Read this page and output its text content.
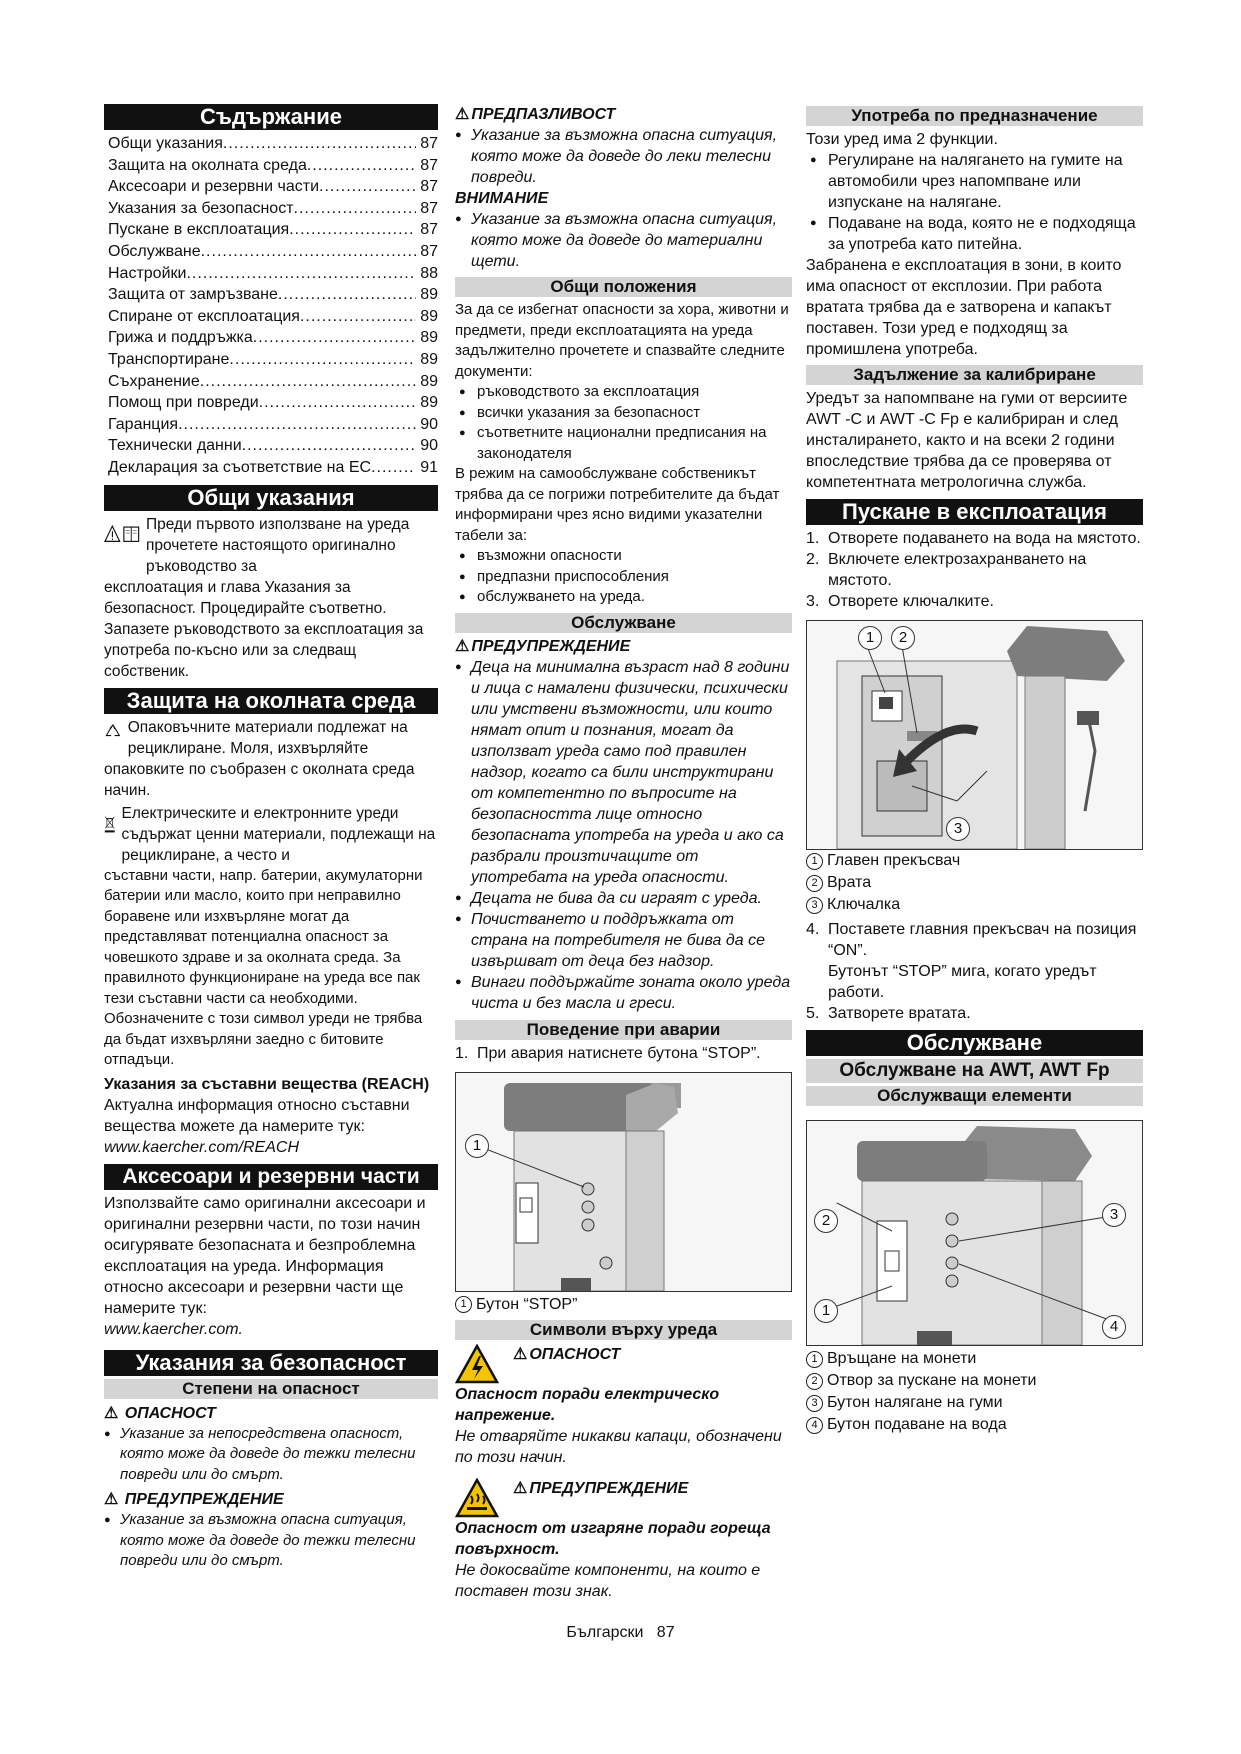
Съдържание
Общи указания .....	87
Защита на околната среда .....	87
Аксесоари и резервни части .....	87
Указания за безопасност .....	87
Пускане в експлоатация .....	87
Обслужване .....	87
Настройки .....	88
Защита от замръзване .....	89
Спиране от експлоатация .....	89
Грижа и поддръжка .....	89
Транспортиране .....	89
Съхранение .....	89
Помощ при повреди .....	89
Гаранция .....	90
Технически данни .....	90
Декларация за съответствие на ЕС .....	91
Общи указания

Преди първото използване на уреда прочетете настоящото оригинално ръководство за

експлоатация и глава Указания за безопасност. Процедирайте съответно. Запазете ръководството за експлоатация за употреба по-късно или за следващ собственик.

Защита на околната среда

Опаковъчните материали подлежат на рециклиране. Моля, изхвърляйте

опаковките по съобразен с околната среда начин.

Електрическите и електронните уреди съдържат ценни материали, подлежащи на рециклиране, а често и

съставни части, напр. батерии, акумулаторни батерии или масло, които при неправилно боравене или изхвърляне могат да представляват потенциална опасност за човешкото здраве и за околната среда. За правилното функциониране на уреда все пак тези съставни части са необходими. Обозначените с този символ уреди не трябва да бъдат изхвърляни заедно с битовите отпадъци.

Указания за съставни вещества (REACH)

Актуална информация относно съставни вещества можете да намерите тук:

www.kaercher.com/REACH

Аксесоари и резервни части

Използвайте само оригинални аксесоари и оригинални резервни части, по този начин осигурявате безопасната и безпроблемна експлоатация на уреда. Информация относно аксесоари и резервни части ще намерите тук:

www.kaercher.com.

Указания за безопасност
Степени на опасност
⚠ ОПАСНОСТ
● Указание за непосредствена опасност, която може да доведе до тежки телесни повреди или до смърт.
⚠ ПРЕДУПРЕЖДЕНИЕ
● Указание за възможна опасна ситуация, която може да доведе до тежки телесни повреди или до смърт.
⚠ ПРЕДПАЗЛИВОСТ
● Указание за възможна опасна ситуация, която може да доведе до леки телесни повреди.
ВНИМАНИЕ
● Указание за възможна опасна ситуация, която може да доведе до материални щети.
Общи положения

За да се избегнат опасности за хора, животни и предмети, преди експлоатацията на уреда задължително прочетете и спазвайте следните документи:

● ръководството за експлоатация
● всички указания за безопасност
● съответните национални предписания на законодателя

В режим на самообслужване собственикът трябва да се погрижи потребителите да бъдат информирани чрез ясно видими указателни табели за:

● възможни опасности
● предпазни приспособления
● обслужването на уреда.
Обслужване
⚠ ПРЕДУПРЕЖДЕНИЕ
● Деца на минимална възраст над 8 години и лица с намалени физически, психически или умствени възможности, или които нямат опит и познания, могат да използват уреда само под правилен надзор, когато са били инструктирани от компетентно по въпросите на безопасността лице относно безопасната употреба на уреда и ако са разбрали произтичащите от употребата на уреда опасности.
● Децата не бива да си играят с уреда.
● Почистването и поддръжката от страна на потребителя не бива да се извършват от деца без надзор.
● Винаги поддържайте зоната около уреда чиста и без масла и греси.
Поведение при аварии
1. При авария натиснете бутона “STOP”.
1
1 Бутон “STOP”
Символи върху уреда
⚠ ОПАСНОСТ

Опасност поради електрическо напрежение.

Не отваряйте никакви капаци, обозначени по този начин.

⚠ ПРЕДУПРЕЖДЕНИЕ

Опасност от изгаряне поради гореща повърхност.

Не докосвайте компоненти, на които е поставен този знак.

Употреба по предназначение

Този уред има 2 функции.

● Регулиране на налягането на гумите на автомобили чрез напомпване или изпускане на налягане.
● Подаване на вода, която не е подходяща за употреба като питейна.

Забранена е експлоатация в зони, в които има опасност от експлозии. При работа вратата трябва да е затворена и капакът поставен. Този уред е подходящ за промишлена употреба.

Задължение за калибриране

Уредът за напомпване на гуми от версиите AWT -C и AWT -C Fp е калибриран и след инсталирането, както и на всеки 2 години впоследствие трябва да се проверява от компетентната метрологична служба.

Пускане в експлоатация
1. Отворете подаването на вода на мястото.
2. Включете електрозахранването на мястото.
3. Отворете ключалките.
1	2
3
1 Главен прекъсвач
2 Врата
3 Ключалка
4. Поставете главния прекъсвач на позиция “ON”.
Бутонът “STOP” мига, когато уредът работи.
5. Затворете вратата.
Обслужване
Обслужване на AWT, AWT Fp
Обслужващи елементи
2
1
3
4
1 Връщане на монети
2 Отвор за пускане на монети
3 Бутон налягане на гуми
4 Бутон подаване на вода
Български 87
